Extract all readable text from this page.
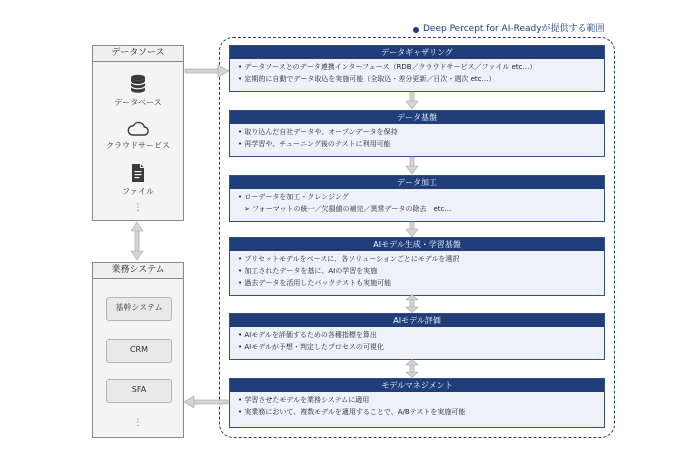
Deep Percept for AI-Readyが提供する範囲
データソース
データベース
クラウドサービス
ファイル
⋮
業務システム
基幹システム
CRM
SFA
⋮
データギャザリング
• データソースとのデータ連携インターフェース（RDB／クラウドサービス／ファイル etc…）
• 定期的に自動でデータ取込を実施可能（全取込・差分更新／日次・週次 etc…）
データ基盤
• 取り込んだ自社データや、オープンデータを保持
• 再学習や、チューニング後のテストに利用可能
データ加工
• ローデータを加工・クレンジング
➢ フォーマットの統一／欠損値の補完／異常データの除去　etc…
AIモデル生成・学習基盤
• プリセットモデルをベースに、各ソリューションごとにモデルを選択
• 加工されたデータを基に、AIの学習を実施
• 過去データを活用したバックテストも実施可能
AIモデル評価
• AIモデルを評価するための各種指標を算出
• AIモデルが予想・判定したプロセスの可視化
モデルマネジメント
• 学習させたモデルを業務システムに適用
• 実業務において、複数モデルを適用することで、A/Bテストを実施可能
